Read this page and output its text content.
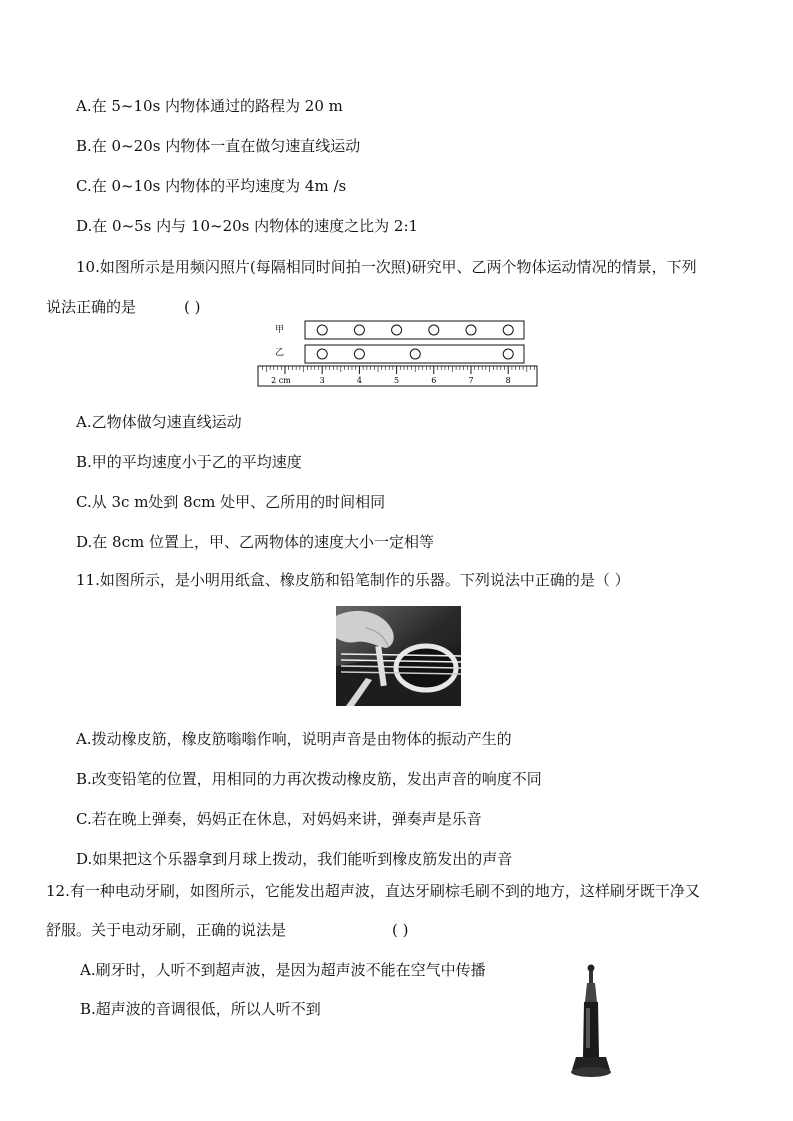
A.在 5~10s 内物体通过的路程为 20 m
B.在 0~20s 内物体一直在做匀速直线运动
C.在 0~10s 内物体的平均速度为 4m /s
D.在 0~5s 内与 10~20s 内物体的速度之比为 2:1
10.如图所示是用频闪照片(每隔相同时间拍一次照)研究甲、乙两个物体运动情况的情景，下列
说法正确的是	( )
甲
乙
2 cm	3	4	5	6	7	8
A.乙物体做匀速直线运动
B.甲的平均速度小于乙的平均速度
C.从 3c m处到 8cm 处甲、乙所用的时间相同
D.在 8cm 位置上，甲、乙两物体的速度大小一定相等
11.如图所示，是小明用纸盒、橡皮筋和铅笔制作的乐器。下列说法中正确的是（ ）
A.拨动橡皮筋，橡皮筋嗡嗡作响，说明声音是由物体的振动产生的
B.改变铅笔的位置，用相同的力再次拨动橡皮筋，发出声音的响度不同
C.若在晚上弹奏，妈妈正在休息，对妈妈来讲，弹奏声是乐音
D.如果把这个乐器拿到月球上拨动，我们能听到橡皮筋发出的声音
12.有一种电动牙刷，如图所示，它能发出超声波，直达牙刷棕毛刷不到的地方，这样刷牙既干净又
舒服。关于电动牙刷，正确的说法是	( )
A.刷牙时，人听不到超声波，是因为超声波不能在空气中传播
B.超声波的音调很低，所以人听不到
